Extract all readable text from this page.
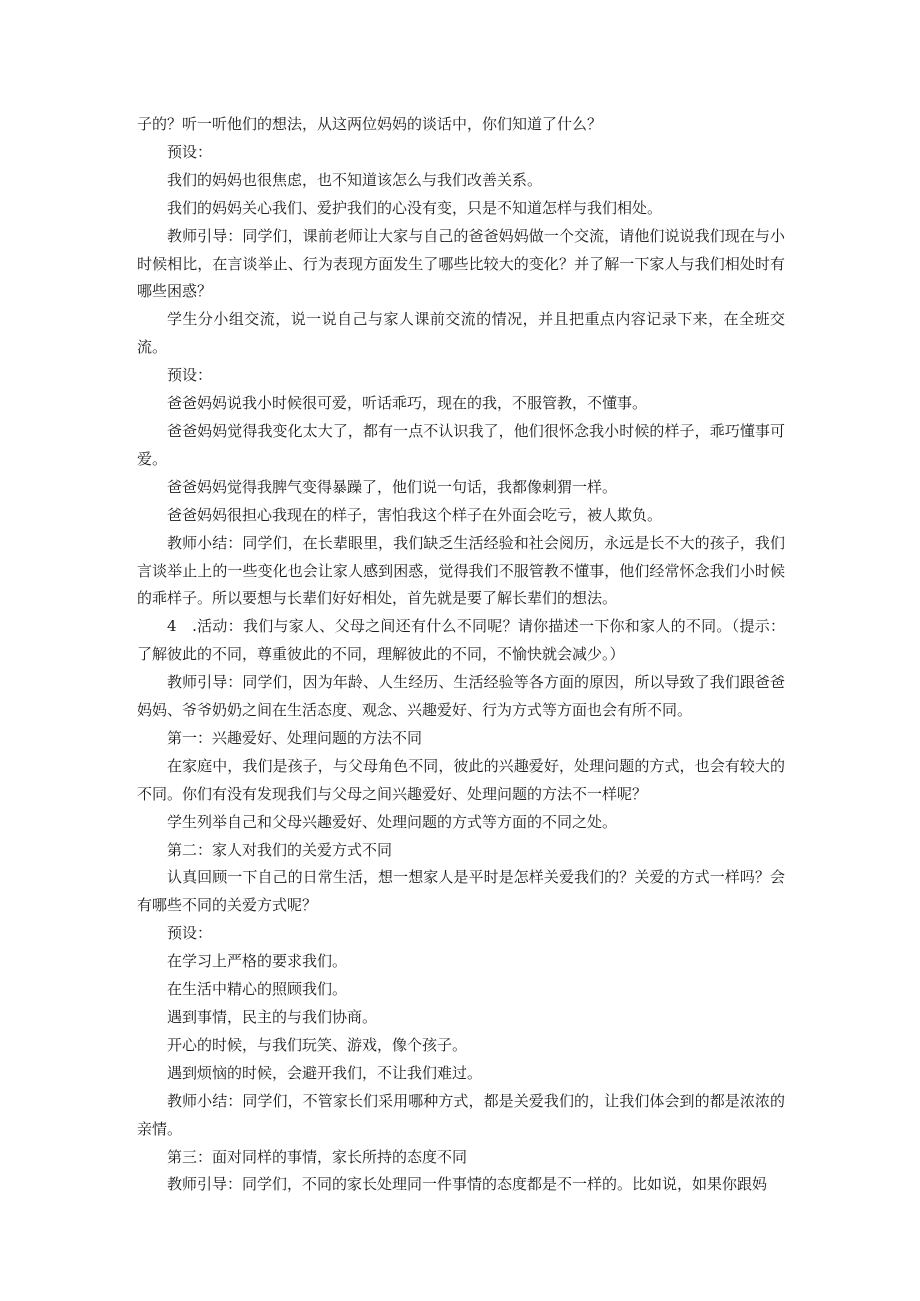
子的？听一听他们的想法，从这两位妈妈的谈话中，你们知道了什么？

预设：

我们的妈妈也很焦虑，也不知道该怎么与我们改善关系。

我们的妈妈关心我们、爱护我们的心没有变，只是不知道怎样与我们相处。

教师引导：同学们，课前老师让大家与自己的爸爸妈妈做一个交流，请他们说说我们现在与小时候相比，在言谈举止、行为表现方面发生了哪些比较大的变化？并了解一下家人与我们相处时有哪些困惑？

学生分小组交流，说一说自己与家人课前交流的情况，并且把重点内容记录下来，在全班交流。

预设：

爸爸妈妈说我小时候很可爱，听话乖巧，现在的我，不服管教，不懂事。

爸爸妈妈觉得我变化太大了，都有一点不认识我了，他们很怀念我小时候的样子，乖巧懂事可爱。

爸爸妈妈觉得我脾气变得暴躁了，他们说一句话，我都像刺猬一样。

爸爸妈妈很担心我现在的样子，害怕我这个样子在外面会吃亏，被人欺负。

教师小结：同学们，在长辈眼里，我们缺乏生活经验和社会阅历，永远是长不大的孩子，我们言谈举止上的一些变化也会让家人感到困惑，觉得我们不服管教不懂事，他们经常怀念我们小时候的乖样子。所以要想与长辈们好好相处，首先就是要了解长辈们的想法。

4　.活动：我们与家人、父母之间还有什么不同呢？请你描述一下你和家人的不同。（提示：了解彼此的不同，尊重彼此的不同，理解彼此的不同，不愉快就会减少。）

教师引导：同学们，因为年龄、人生经历、生活经验等各方面的原因，所以导致了我们跟爸爸妈妈、爷爷奶奶之间在生活态度、观念、兴趣爱好、行为方式等方面也会有所不同。

第一：兴趣爱好、处理问题的方法不同

在家庭中，我们是孩子，与父母角色不同，彼此的兴趣爱好，处理问题的方式，也会有较大的不同。你们有没有发现我们与父母之间兴趣爱好、处理问题的方法不一样呢？

学生列举自己和父母兴趣爱好、处理问题的方式等方面的不同之处。

第二：家人对我们的关爱方式不同

认真回顾一下自己的日常生活，想一想家人是平时是怎样关爱我们的？关爱的方式一样吗？会有哪些不同的关爱方式呢？

预设：

在学习上严格的要求我们。

在生活中精心的照顾我们。

遇到事情，民主的与我们协商。

开心的时候，与我们玩笑、游戏，像个孩子。

遇到烦恼的时候，会避开我们，不让我们难过。

教师小结：同学们，不管家长们采用哪种方式，都是关爱我们的，让我们体会到的都是浓浓的亲情。

第三：面对同样的事情，家长所持的态度不同

教师引导：同学们，不同的家长处理同一件事情的态度都是不一样的。比如说，如果你跟妈
